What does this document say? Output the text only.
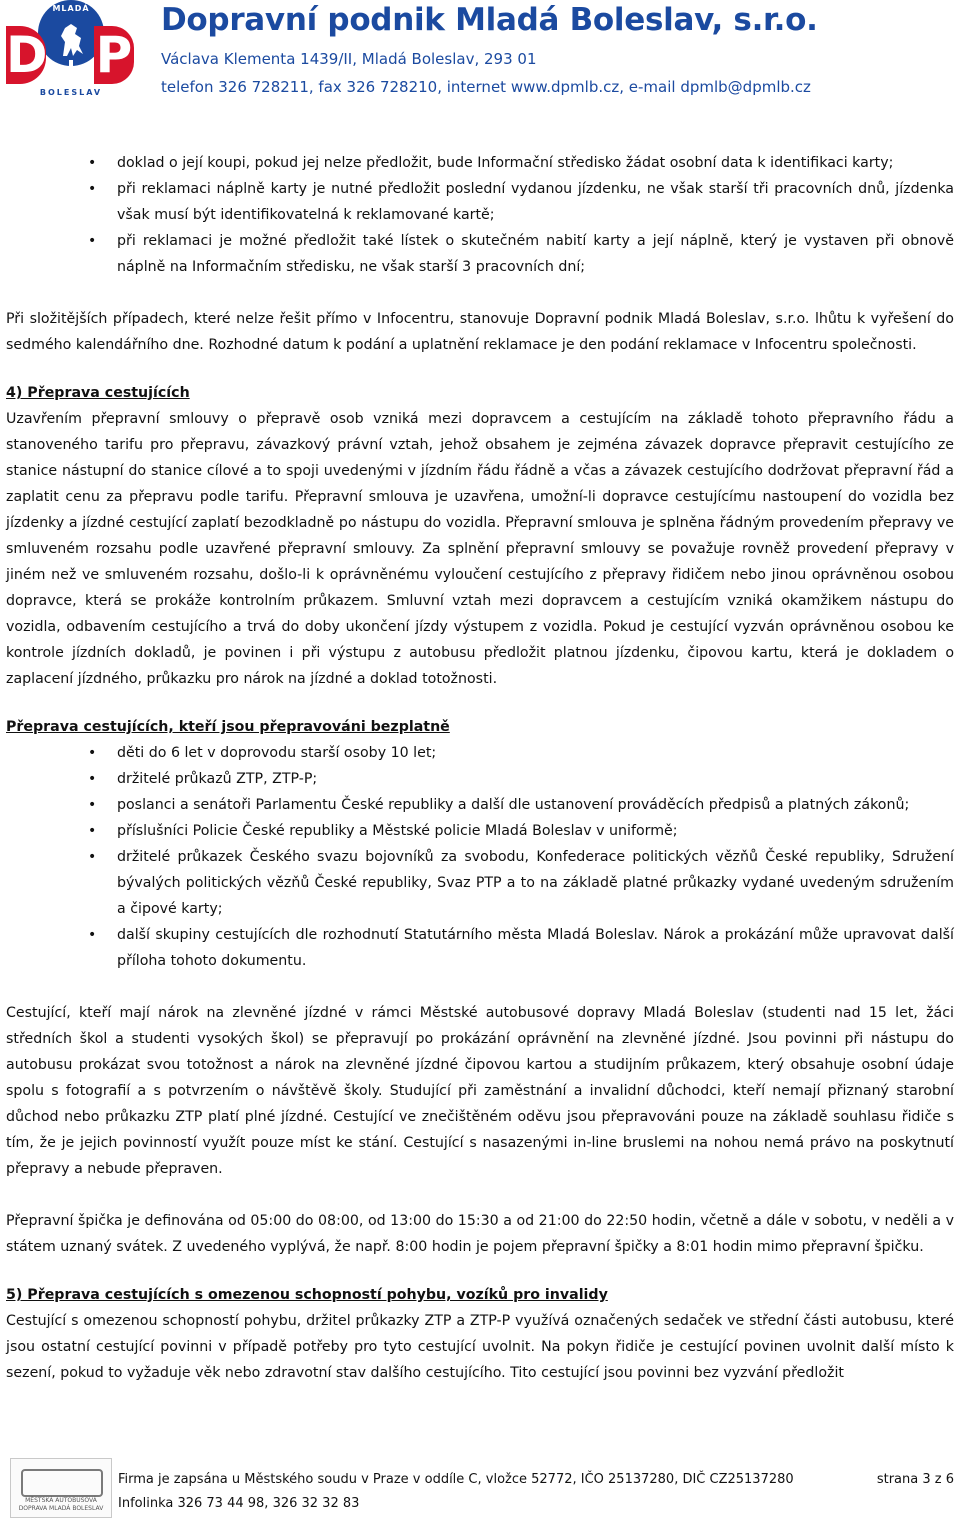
MLADÁ
D P
BOLESLAV
Dopravní podnik Mladá Boleslav, s.r.o.
Václava Klementa 1439/II, Mladá Boleslav, 293 01
telefon 326 728211, fax 326 728210, internet www.dpmlb.cz, e-mail dpmlb@dpmlb.cz
• doklad o její koupi, pokud jej nelze předložit, bude Informační středisko žádat osobní data k identifikaci karty;
• při reklamaci náplně karty je nutné předložit poslední vydanou jízdenku, ne však starší tři pracovních dnů, jízdenka však musí být identifikovatelná k reklamované kartě;
• při reklamaci je možné předložit také lístek o skutečném nabití karty a její náplně, který je vystaven při obnově náplně na Informačním středisku, ne však starší 3 pracovních dní;

Při složitějších případech, které nelze řešit přímo v Infocentru, stanovuje Dopravní podnik Mladá Boleslav, s.r.o. lhůtu k vyřešení do sedmého kalendářního dne. Rozhodné datum k podání a uplatnění reklamace je den podání reklamace v Infocentru společnosti.

4) Přeprava cestujících

Uzavřením přepravní smlouvy o přepravě osob vzniká mezi dopravcem a cestujícím na základě tohoto přepravního řádu a stanoveného tarifu pro přepravu, závazkový právní vztah, jehož obsahem je zejména závazek dopravce přepravit cestujícího ze stanice nástupní do stanice cílové a to spoji uvedenými v jízdním řádu řádně a včas a závazek cestujícího dodržovat přepravní řád a zaplatit cenu za přepravu podle tarifu. Přepravní smlouva je uzavřena, umožní-li dopravce cestujícímu nastoupení do vozidla bez jízdenky a jízdné cestující zaplatí bezodkladně po nástupu do vozidla. Přepravní smlouva je splněna řádným provedením přepravy ve smluveném rozsahu podle uzavřené přepravní smlouvy. Za splnění přepravní smlouvy se považuje rovněž provedení přepravy v jiném než ve smluveném rozsahu, došlo-li k oprávněnému vyloučení cestujícího z přepravy řidičem nebo jinou oprávněnou osobou dopravce, která se prokáže kontrolním průkazem. Smluvní vztah mezi dopravcem a cestujícím vzniká okamžikem nástupu do vozidla, odbavením cestujícího a trvá do doby ukončení jízdy výstupem z vozidla. Pokud je cestující vyzván oprávněnou osobou ke kontrole jízdních dokladů, je povinen i při výstupu z autobusu předložit platnou jízdenku, čipovou kartu, která je dokladem o zaplacení jízdného, průkazku pro nárok na jízdné a doklad totožnosti.

Přeprava cestujících, kteří jsou přepravováni bezplatně

• děti do 6 let v doprovodu starší osoby 10 let;
• držitelé průkazů ZTP, ZTP-P;
• poslanci a senátoři Parlamentu České republiky a další dle ustanovení prováděcích předpisů a platných zákonů;
• příslušníci Policie České republiky a Městské policie Mladá Boleslav v uniformě;
• držitelé průkazek Českého svazu bojovníků za svobodu, Konfederace politických vězňů České republiky, Sdružení bývalých politických vězňů České republiky, Svaz PTP a to na základě platné průkazky vydané uvedeným sdružením a čipové karty;
• další skupiny cestujících dle rozhodnutí Statutárního města Mladá Boleslav. Nárok a prokázání může upravovat další příloha tohoto dokumentu.

Cestující, kteří mají nárok na zlevněné jízdné v rámci Městské autobusové dopravy Mladá Boleslav (studenti nad 15 let, žáci středních škol a studenti vysokých škol) se přepravují po prokázání oprávnění na zlevněné jízdné. Jsou povinni při nástupu do autobusu prokázat svou totožnost a nárok na zlevněné jízdné čipovou kartou a studijním průkazem, který obsahuje osobní údaje spolu s fotografií a s potvrzením o návštěvě školy. Studující při zaměstnání a invalidní důchodci, kteří nemají přiznaný starobní důchod nebo průkazku ZTP platí plné jízdné. Cestující ve znečištěném oděvu jsou přepravováni pouze na základě souhlasu řidiče s tím, že je jejich povinností využít pouze míst ke stání. Cestující s nasazenými in-line bruslemi na nohou nemá právo na poskytnutí přepravy a nebude přepraven.

Přepravní špička je definována od 05:00 do 08:00, od 13:00 do 15:30 a od 21:00 do 22:50 hodin, včetně a dále v sobotu, v neděli a v státem uznaný svátek. Z uvedeného vyplývá, že např. 8:00 hodin je pojem přepravní špičky a 8:01 hodin mimo přepravní špičku.

5) Přeprava cestujících s omezenou schopností pohybu, vozíků pro invalidy

Cestující s omezenou schopností pohybu, držitel průkazky ZTP a ZTP-P využívá označených sedaček ve střední části autobusu, které jsou ostatní cestující povinni v případě potřeby pro tyto cestující uvolnit. Na pokyn řidiče je cestující povinen uvolnit další místo k sezení, pokud to vyžaduje věk nebo zdravotní stav dalšího cestujícího. Tito cestující jsou povinni bez vyzvání předložit

MĚSTSKÁ AUTOBUSOVÁ DOPRAVA MLADÁ BOLESLAV
Firma je zapsána u Městského soudu v Praze v oddíle C, vložce 52772, IČO 25137280, DIČ CZ25137280
Infolinka 326 73 44 98, 326 32 32 83
strana 3 z 6
